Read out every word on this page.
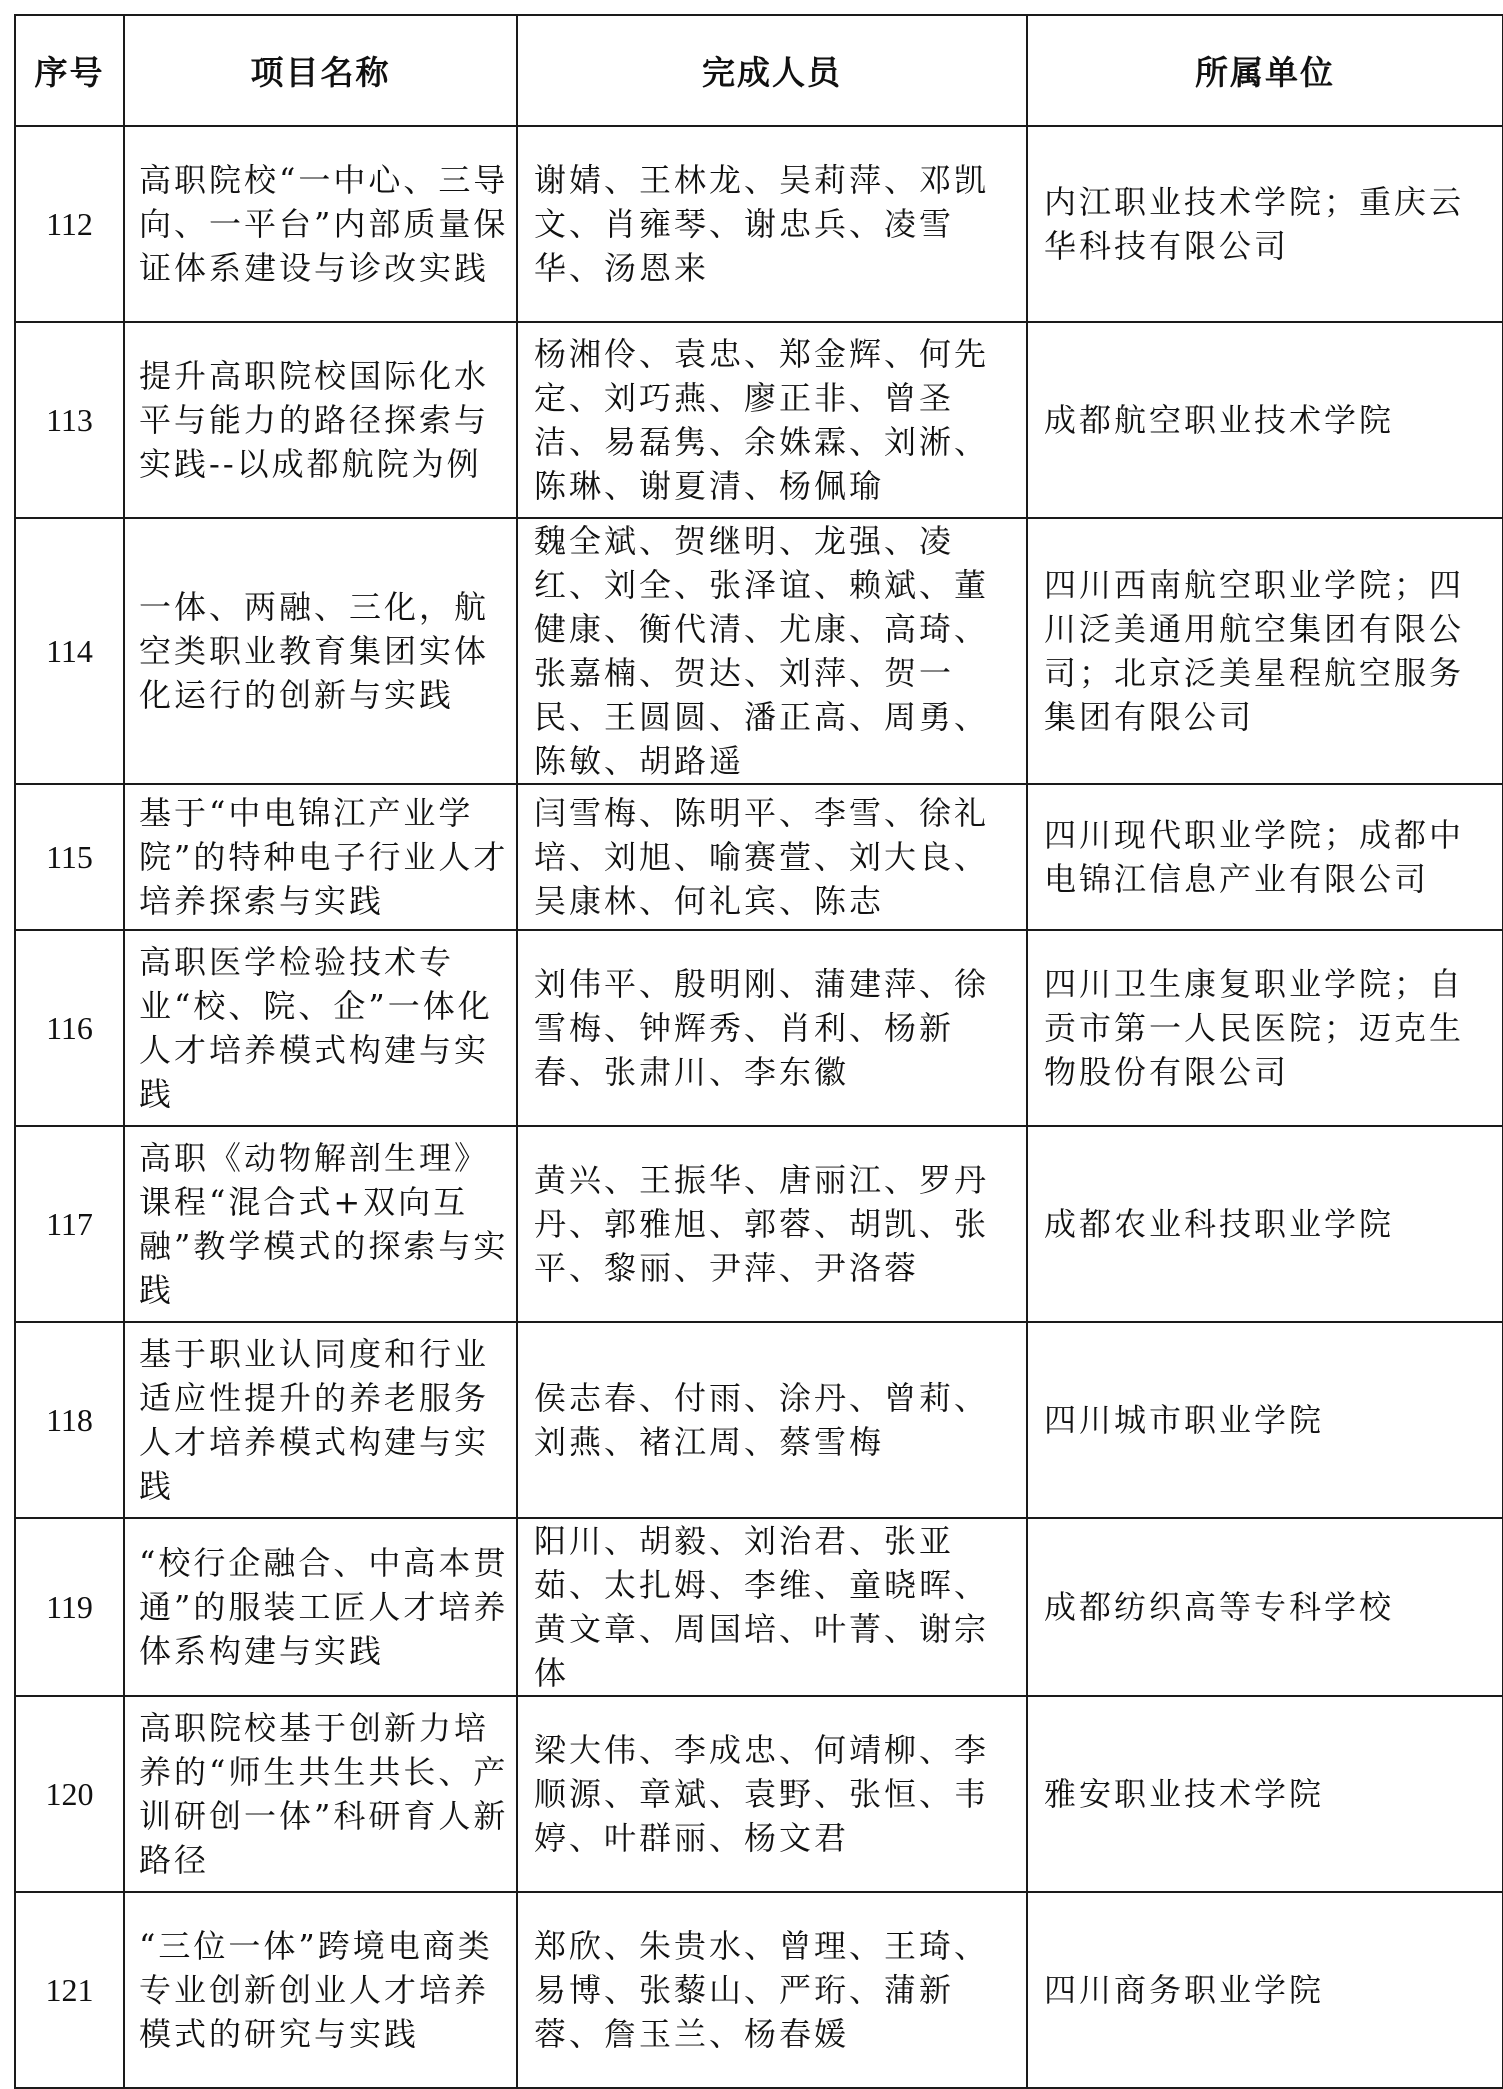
序号	项目名称	完成人员	所属单位
112	高职院校“一中心、三导向、一平台”内部质量保证体系建设与诊改实践	谢婧、王林龙、吴莉萍、邓凯文、肖雍琴、谢忠兵、凌雪华、汤恩来	内江职业技术学院；重庆云华科技有限公司
113	提升高职院校国际化水平与能力的路径探索与实践--以成都航院为例	杨湘伶、袁忠、郑金辉、何先定、刘巧燕、廖正非、曾圣洁、易磊隽、余姝霖、刘淅、陈琳、谢夏清、杨佩瑜	成都航空职业技术学院
114	一体、两融、三化，航空类职业教育集团实体化运行的创新与实践	魏全斌、贺继明、龙强、凌红、刘全、张泽谊、赖斌、董健康、衡代清、尤康、高琦、张嘉楠、贺达、刘萍、贺一民、王圆圆、潘正高、周勇、陈敏、胡路遥	四川西南航空职业学院；四川泛美通用航空集团有限公司；北京泛美星程航空服务集团有限公司
115	基于“中电锦江产业学院”的特种电子行业人才培养探索与实践	闫雪梅、陈明平、李雪、徐礼培、刘旭、喻赛萱、刘大良、吴康林、何礼宾、陈志	四川现代职业学院；成都中电锦江信息产业有限公司
116	高职医学检验技术专业“校、院、企”一体化人才培养模式构建与实践	刘伟平、殷明刚、蒲建萍、徐雪梅、钟辉秀、肖利、杨新春、张肃川、李东徽	四川卫生康复职业学院；自贡市第一人民医院；迈克生物股份有限公司
117	高职《动物解剖生理》课程“混合式+双向互融”教学模式的探索与实践	黄兴、王振华、唐丽江、罗丹丹、郭雅旭、郭蓉、胡凯、张平、黎丽、尹萍、尹洛蓉	成都农业科技职业学院
118	基于职业认同度和行业适应性提升的养老服务人才培养模式构建与实践	侯志春、付雨、涂丹、曾莉、刘燕、褚江周、蔡雪梅	四川城市职业学院
119	“校行企融合、中高本贯通”的服装工匠人才培养体系构建与实践	阳川、胡毅、刘治君、张亚茹、太扎姆、李维、童晓晖、黄文章、周国培、叶菁、谢宗体	成都纺织高等专科学校
120	高职院校基于创新力培养的“师生共生共长、产训研创一体”科研育人新路径	梁大伟、李成忠、何靖柳、李顺源、章斌、袁野、张恒、韦婷、叶群丽、杨文君	雅安职业技术学院
121	“三位一体”跨境电商类专业创新创业人才培养模式的研究与实践	郑欣、朱贵水、曾理、王琦、易博、张藜山、严珩、蒲新蓉、詹玉兰、杨春媛	四川商务职业学院
